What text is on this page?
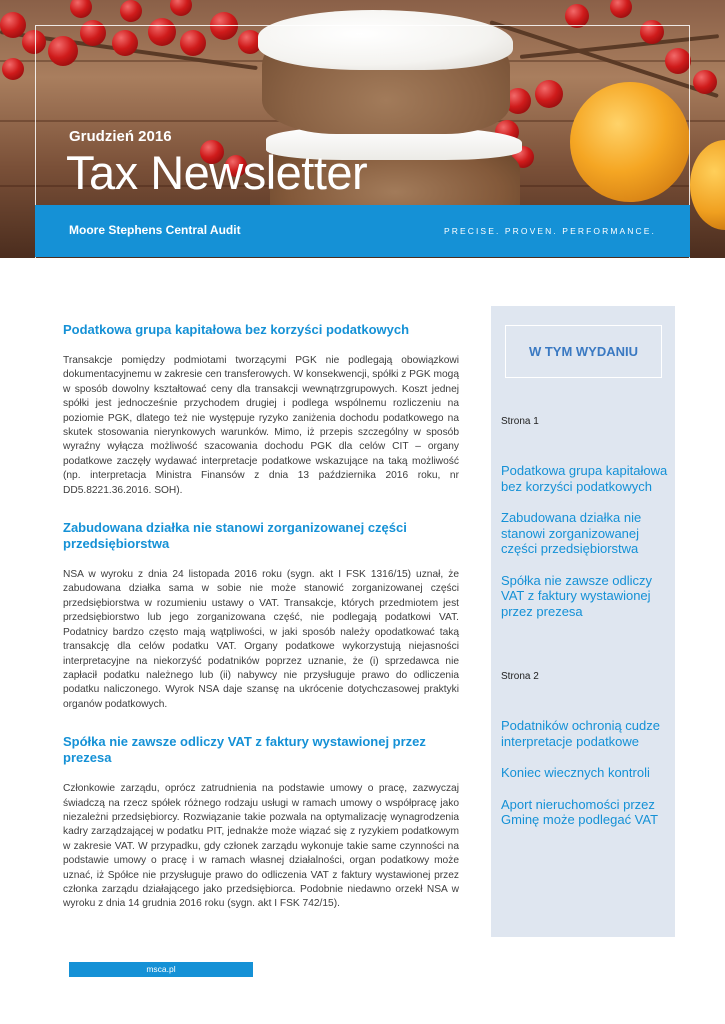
Grudzień 2016
Tax Newsletter
Moore Stephens Central Audit	PRECISE. PROVEN. PERFORMANCE.
Podatkowa grupa kapitałowa bez korzyści podatkowych

Transakcje pomiędzy podmiotami tworzącymi PGK nie podlegają obowiązkowi dokumentacyjnemu w zakresie cen transferowych. W konsekwencji, spółki z PGK mogą w sposób dowolny kształtować ceny dla transakcji wewnątrzgrupowych. Koszt jednej spółki jest jednocześnie przychodem drugiej i podlega wspólnemu rozliczeniu na poziomie PGK, dlatego też nie występuje ryzyko zaniżenia dochodu podatkowego na skutek stosowania nierynkowych warunków. Mimo, iż przepis szczególny w sposób wyraźny wyłącza możliwość szacowania dochodu PGK dla celów CIT – organy podatkowe zaczęły wydawać interpretacje podatkowe wskazujące na taką możliwość (np. interpretacja Ministra Finansów z dnia 13 października 2016 roku, nr DD5.8221.36.2016. SOH).

Zabudowana działka nie stanowi zorganizowanej części przedsiębiorstwa

NSA w wyroku z dnia 24 listopada 2016 roku (sygn. akt I FSK 1316/15) uznał, że zabudowana działka sama w sobie nie może stanowić zorganizowanej części przedsiębiorstwa w rozumieniu ustawy o VAT. Transakcje, których przedmiotem jest przedsiębiorstwo lub jego zorganizowana część, nie podlegają podatkowi VAT. Podatnicy bardzo często mają wątpliwości, w jaki sposób należy opodatkować taką transakcję dla celów podatku VAT. Organy podatkowe wykorzystują niejasności interpretacyjne na niekorzyść podatników poprzez uznanie, że (i) sprzedawca nie zapłacił podatku należnego lub (ii) nabywcy nie przysługuje prawo do odliczenia podatku naliczonego. Wyrok NSA daje szansę na ukrócenie dotychczasowej praktyki organów podatkowych.

Spółka nie zawsze odliczy VAT z faktury wystawionej przez prezesa

Członkowie zarządu, oprócz zatrudnienia na podstawie umowy o pracę, zazwyczaj świadczą na rzecz spółek różnego rodzaju usługi w ramach umowy o współpracę jako niezależni przedsiębiorcy. Rozwiązanie takie pozwala na optymalizację wynagrodzenia kadry zarządzającej w podatku PIT, jednakże może wiązać się z ryzykiem podatkowym w zakresie VAT. W przypadku, gdy członek zarządu wykonuje takie same czynności na podstawie umowy o pracę i w ramach własnej działalności, organ podatkowy może uznać, iż Spółce nie przysługuje prawo do odliczenia VAT z faktury wystawionej przez członka zarządu działającego jako przedsiębiorca. Podobnie niedawno orzekł NSA w wyroku z dnia 14 grudnia 2016 roku (sygn. akt I FSK 742/15).

W TYM WYDANIU
Strona 1
Podatkowa grupa kapitałowa bez korzyści podatkowych
Zabudowana działka nie stanowi zorganizowanej części przedsiębiorstwa
Spółka nie zawsze odliczy VAT z faktury wystawionej przez prezesa
Strona 2
Podatników ochronią cudze interpretacje podatkowe
Koniec wiecznych kontroli
Aport nieruchomości przez Gminę może podlegać VAT
msca.pl
